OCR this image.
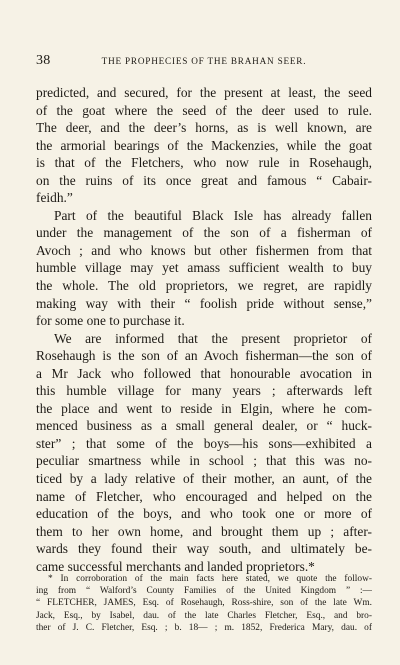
38	THE PROPHECIES OF THE BRAHAN SEER.
predicted, and secured, for the present at least, the seed
of the goat where the seed of the deer used to rule.
The deer, and the deer’s horns, as is well known, are
the armorial bearings of the Mackenzies, while the goat
is that of the Fletchers, who now rule in Rosehaugh,
on the ruins of its once great and famous “ Cabair-
feidh.”
Part of the beautiful Black Isle has already fallen
under the management of the son of a fisherman of
Avoch ; and who knows but other fishermen from that
humble village may yet amass sufficient wealth to buy
the whole. The old proprietors, we regret, are rapidly
making way with their “ foolish pride without sense,”
for some one to purchase it.
We are informed that the present proprietor of
Rosehaugh is the son of an Avoch fisherman—the son of
a Mr Jack who followed that honourable avocation in
this humble village for many years ; afterwards left
the place and went to reside in Elgin, where he com-
menced business as a small general dealer, or “ huck-
ster” ; that some of the boys—his sons—exhibited a
peculiar smartness while in school ; that this was no-
ticed by a lady relative of their mother, an aunt, of the
name of Fletcher, who encouraged and helped on the
education of the boys, and who took one or more of
them to her own home, and brought them up ; after-
wards they found their way south, and ultimately be-
came successful merchants and landed proprietors.*
* In corroboration of the main facts here stated, we quote the follow-
ing from “ Walford’s County Families of the United Kingdom ” :—
“ FLETCHER, JAMES, Esq. of Rosehaugh, Ross-shire, son of the late Wm.
Jack, Esq., by Isabel, dau. of the late Charles Fletcher, Esq., and bro-
ther of J. C. Fletcher, Esq. ; b. 18— ; m. 1852, Frederica Mary, dau. of
